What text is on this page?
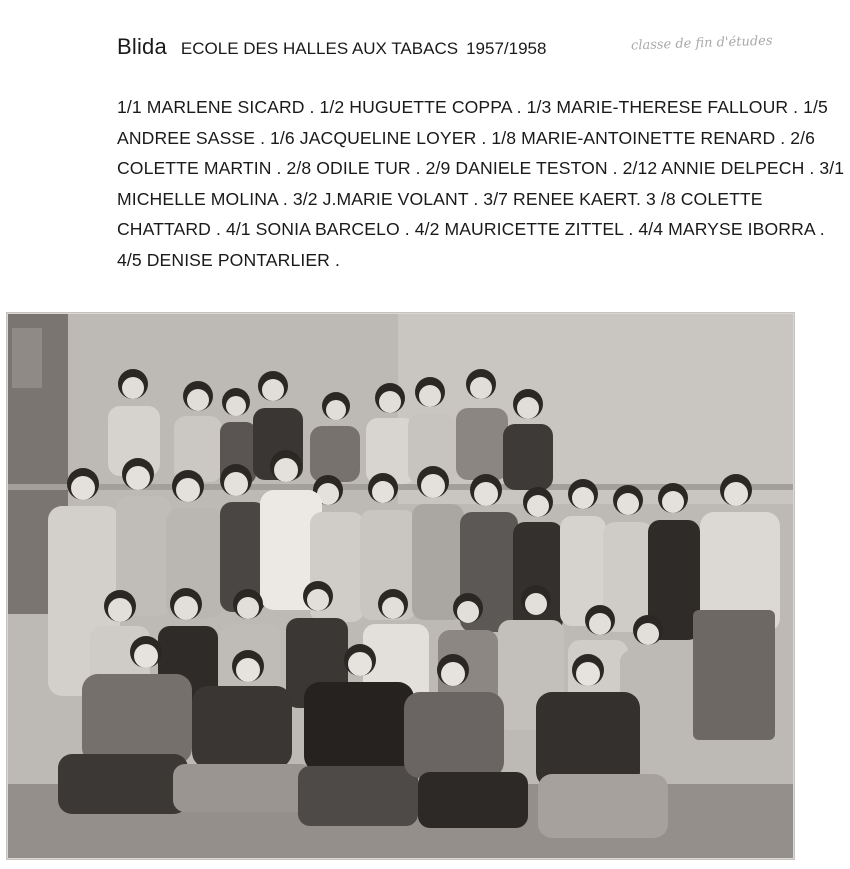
Blida ECOLE DES HALLES AUX TABACS 1957/1958	classe de fin d'études

1/1 MARLENE SICARD . 1/2 HUGUETTE COPPA . 1/3 MARIE-THERESE FALLOUR . 1/5 ANDREE SASSE . 1/6 JACQUELINE LOYER . 1/8 MARIE-ANTOINETTE RENARD . 2/6 COLETTE MARTIN . 2/8 ODILE TUR . 2/9 DANIELE TESTON . 2/12 ANNIE DELPECH . 3/1 MICHELLE MOLINA . 3/2 J.MARIE VOLANT . 3/7 RENEE KAERT. 3 /8 COLETTE CHATTARD . 4/1 SONIA BARCELO . 4/2 MAURICETTE ZITTEL . 4/4 MARYSE IBORRA . 4/5 DENISE PONTARLIER .
